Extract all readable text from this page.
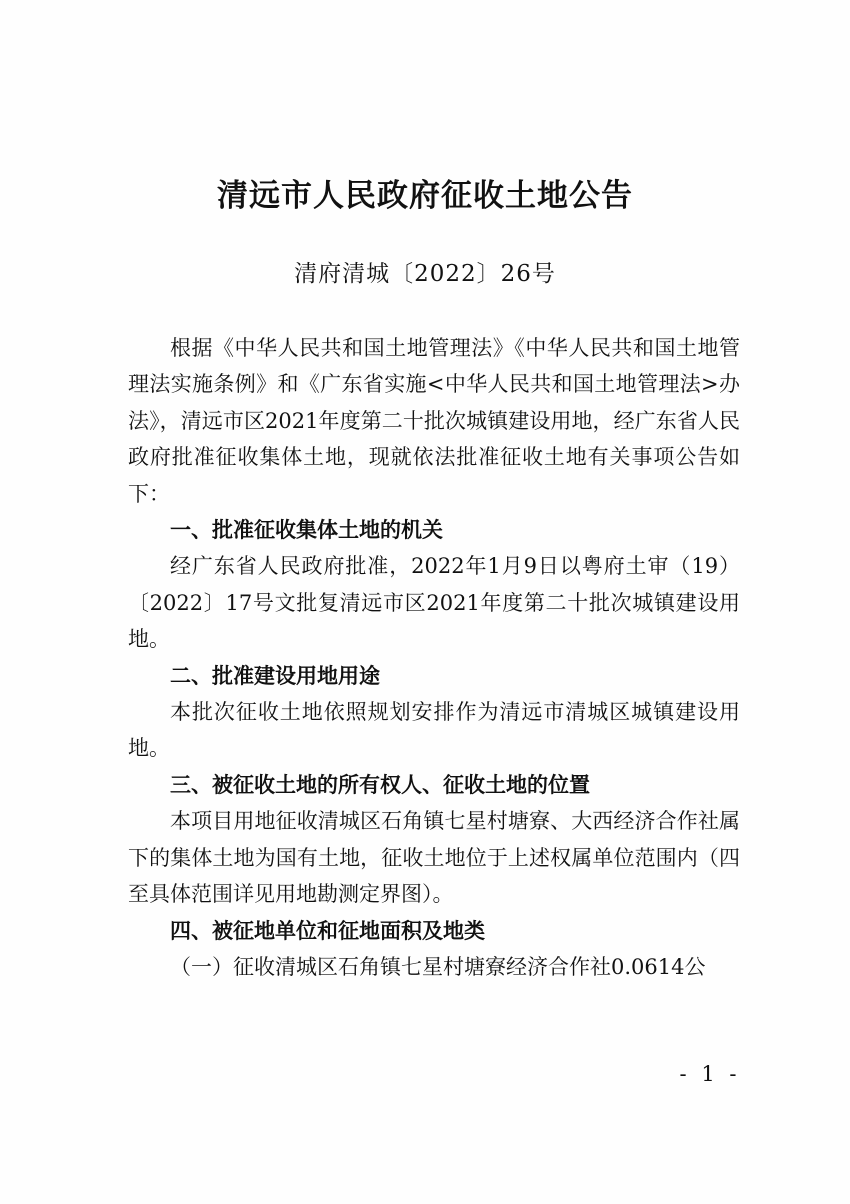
清远市人民政府征收土地公告
清府清城〔2022〕26号

根据《中华人民共和国土地管理法》《中华人民共和国土地管理法实施条例》和《广东省实施<中华人民共和国土地管理法>办法》，清远市区2021年度第二十批次城镇建设用地，经广东省人民政府批准征收集体土地，现就依法批准征收土地有关事项公告如下：

一、批准征收集体土地的机关

经广东省人民政府批准，2022年1月9日以粤府土审（19）〔2022〕17号文批复清远市区2021年度第二十批次城镇建设用地。

二、批准建设用地用途

本批次征收土地依照规划安排作为清远市清城区城镇建设用地。

三、被征收土地的所有权人、征收土地的位置

本项目用地征收清城区石角镇七星村塘寮、大西经济合作社属下的集体土地为国有土地，征收土地位于上述权属单位范围内（四至具体范围详见用地勘测定界图）。

四、被征地单位和征地面积及地类

（一）征收清城区石角镇七星村塘寮经济合作社0.0614公

- 1 -
